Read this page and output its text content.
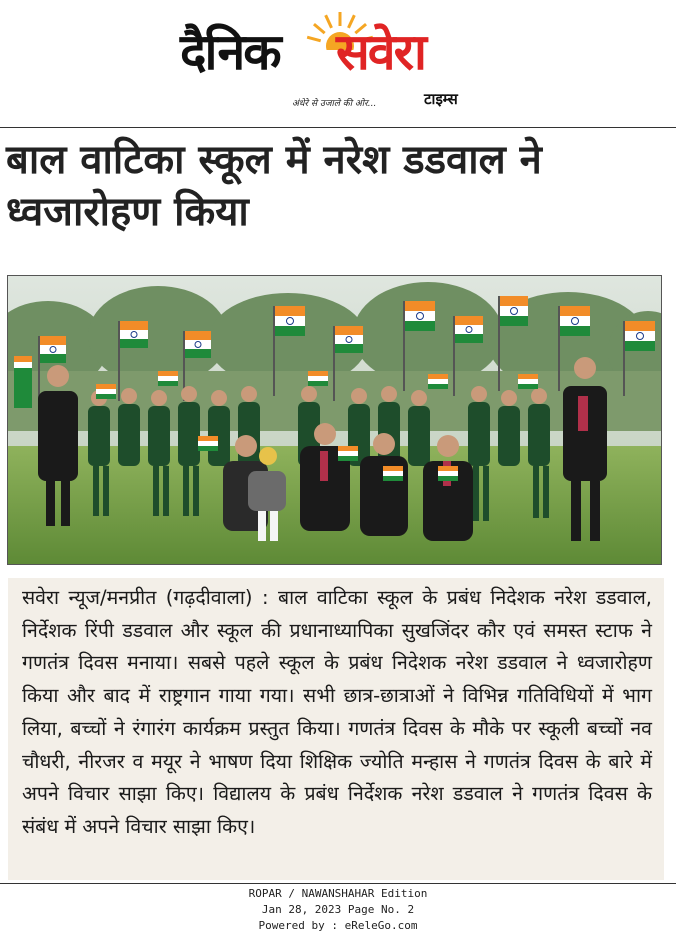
दैनिक सवेरा
अंधेरे से उजाले की ओर...	टाइम्स
बाल वाटिका स्कूल में नरेश डडवाल ने ध्वजारोहण किया

सवेरा न्यूज/मनप्रीत (गढ़दीवाला) : बाल वाटिका स्कूल के प्रबंध निदेशक नरेश डडवाल, निर्देशक रिंपी डडवाल और स्कूल की प्रधानाध्यापिका सुखजिंदर कौर एवं समस्त स्टाफ ने गणतंत्र दिवस मनाया। सबसे पहले स्कूल के प्रबंध निदेशक नरेश डडवाल ने ध्वजारोहण किया और बाद में राष्ट्रगान गाया गया। सभी छात्र-छात्राओं ने विभिन्न गतिविधियों में भाग लिया, बच्चों ने रंगारंग कार्यक्रम प्रस्तुत किया। गणतंत्र दिवस के मौके पर स्कूली बच्चों नव चौधरी, नीरजर व मयूर ने भाषण दिया शिक्षिक ज्योति मन्हास ने गणतंत्र दिवस के बारे में अपने विचार साझा किए। विद्यालय के प्रबंध निर्देशक नरेश डडवाल ने गणतंत्र दिवस के संबंध में अपने विचार साझा किए।

ROPAR / NAWANSHAHAR Edition
Jan 28, 2023 Page No. 2
Powered by : eReleGo.com
